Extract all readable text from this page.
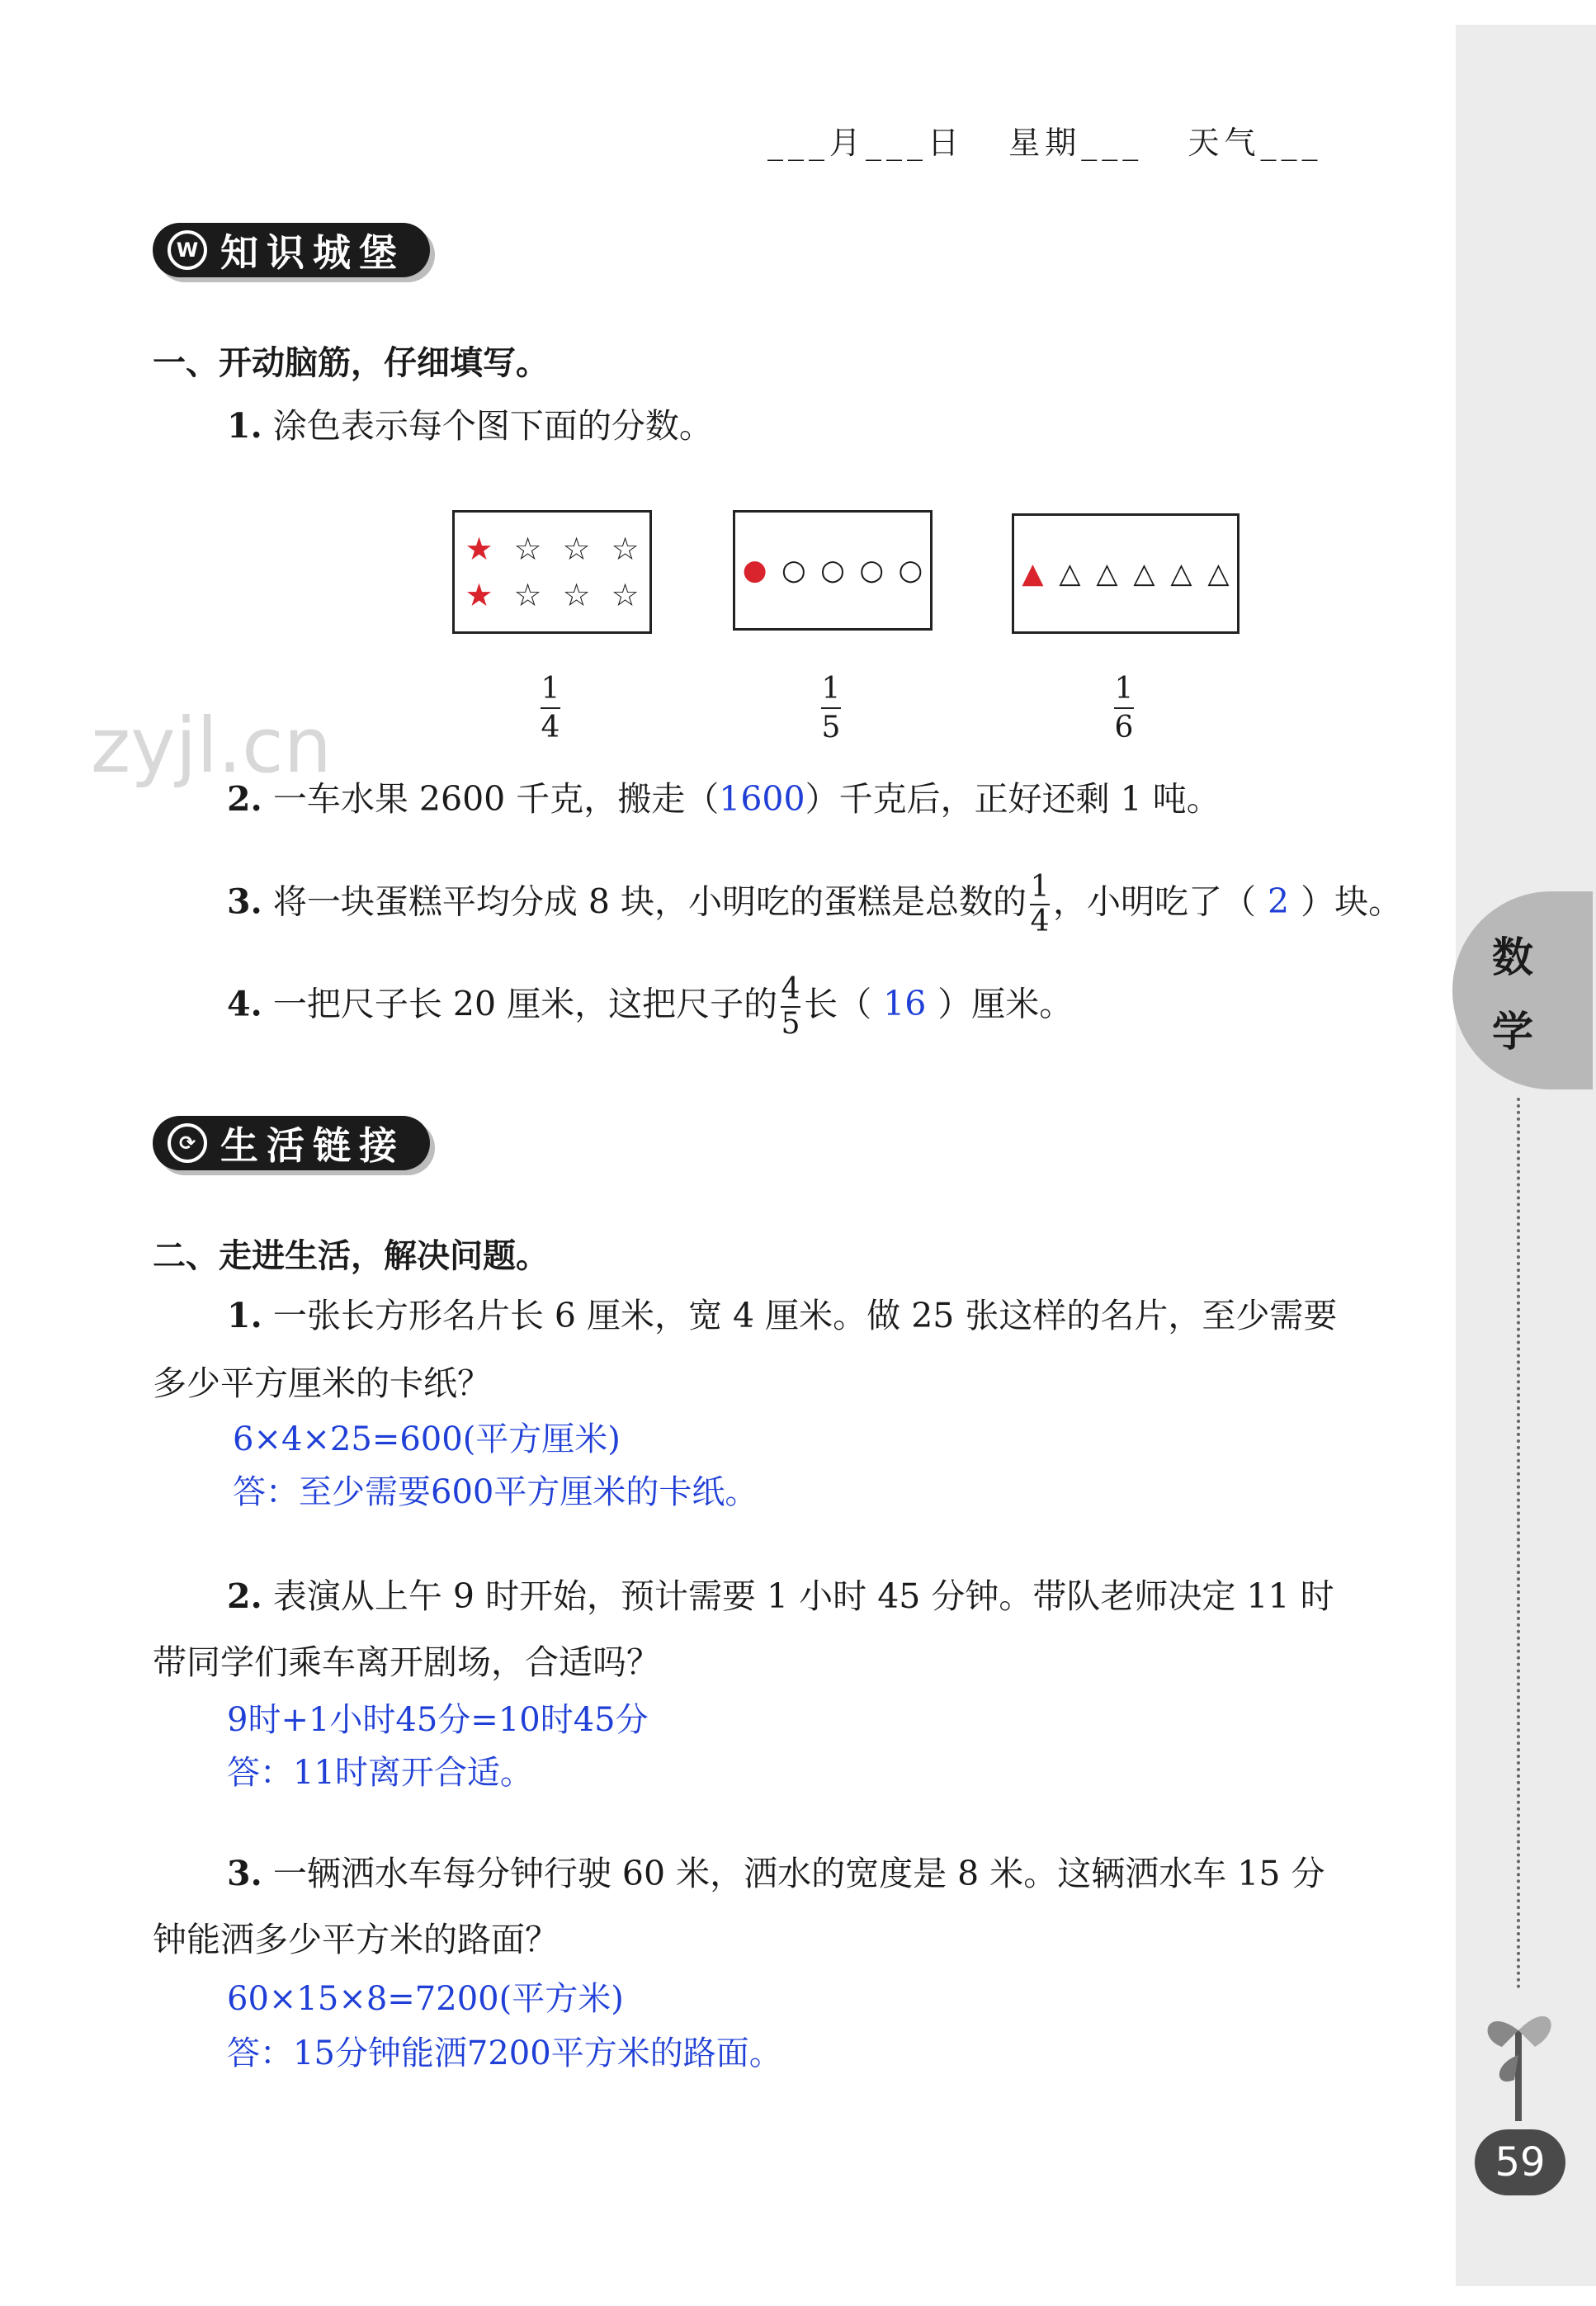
数
学
59
zyjl.cn
___月___日   星期___   天气___
W 知识城堡
一、开动脑筋，仔细填写。
1. 涂色表示每个图下面的分数。
★ ☆ ☆ ☆
★ ☆ ☆ ☆
● ○ ○ ○ ○	▲ △ △ △ △ △
1
4
1
5
1
6
2. 一车水果 2600 千克，搬走（1600）千克后，正好还剩 1 吨。
3. 将一块蛋糕平均分成 8 块，小明吃的蛋糕是总数的 $\frac{1}{4}$ ，小明吃了（ 2 ）块。
4. 一把尺子长 20 厘米，这把尺子的 $\frac{4}{5}$ 长（ 16 ）厘米。
⟳ 生活链接
二、走进生活，解决问题。
1. 一张长方形名片长 6 厘米，宽 4 厘米。做 25 张这样的名片，至少需要
多少平方厘米的卡纸？
6×4×25=600(平方厘米)
答：至少需要600平方厘米的卡纸。
2. 表演从上午 9 时开始，预计需要 1 小时 45 分钟。带队老师决定 11 时
带同学们乘车离开剧场，合适吗？
9时+1小时45分=10时45分
答：11时离开合适。
3. 一辆洒水车每分钟行驶 60 米，洒水的宽度是 8 米。这辆洒水车 15 分
钟能洒多少平方米的路面？
60×15×8=7200(平方米)
答：15分钟能洒7200平方米的路面。
